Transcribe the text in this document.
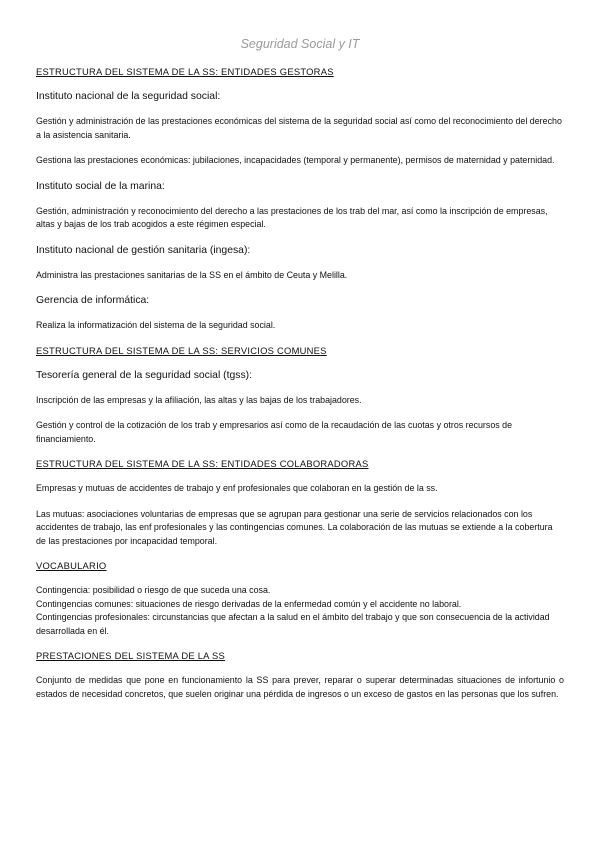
Seguridad Social y IT

ESTRUCTURA DEL SISTEMA DE LA SS: ENTIDADES GESTORAS

Instituto nacional de la seguridad social:

Gestión y administración de las prestaciones económicas del sistema de la seguridad social así como del reconocimiento del derecho a la asistencia sanitaria.

Gestiona las prestaciones económicas: jubilaciones, incapacidades (temporal y permanente), permisos de maternidad y paternidad.

Instituto social de la marina:

Gestión, administración y reconocimiento del derecho a las prestaciones de los trab del mar, así como la inscripción de empresas, altas y bajas de los trab acogidos a este régimen especial.

Instituto nacional de gestión sanitaria (ingesa):

Administra las prestaciones sanitarias de la SS en el ámbito de Ceuta y Melilla.

Gerencia de informática:

Realiza la informatización del sistema de la seguridad social.

ESTRUCTURA DEL SISTEMA DE LA SS: SERVICIOS COMUNES

Tesorería general de la seguridad social (tgss):

Inscripción de las empresas y la afiliación, las altas y las bajas de los trabajadores.

Gestión y control de la cotización de los trab y empresarios así como de la recaudación de las cuotas y otros recursos de financiamiento.

ESTRUCTURA DEL SISTEMA DE LA SS: ENTIDADES COLABORADORAS

Empresas y mutuas de accidentes de trabajo y enf profesionales que colaboran en la gestión de la ss.

Las mutuas: asociaciones voluntarias de empresas que se agrupan para gestionar una serie de servicios relacionados con los accidentes de trabajo, las enf profesionales y las contingencias comunes. La colaboración de las mutuas se extiende a la cobertura de las prestaciones por incapacidad temporal.

VOCABULARIO

Contingencia: posibilidad o riesgo de que suceda una cosa.

Contingencias comunes: situaciones de riesgo derivadas de la enfermedad común y el accidente no laboral.

Contingencias profesionales: circunstancias que afectan a la salud en el ámbito del trabajo y que son consecuencia de la actividad desarrollada en él.

PRESTACIONES DEL SISTEMA DE LA SS

Conjunto de medidas que pone en funcionamiento la SS para prever, reparar o superar determinadas situaciones de infortunio o estados de necesidad concretos, que suelen originar una pérdida de ingresos o un exceso de gastos en las personas que los sufren.
